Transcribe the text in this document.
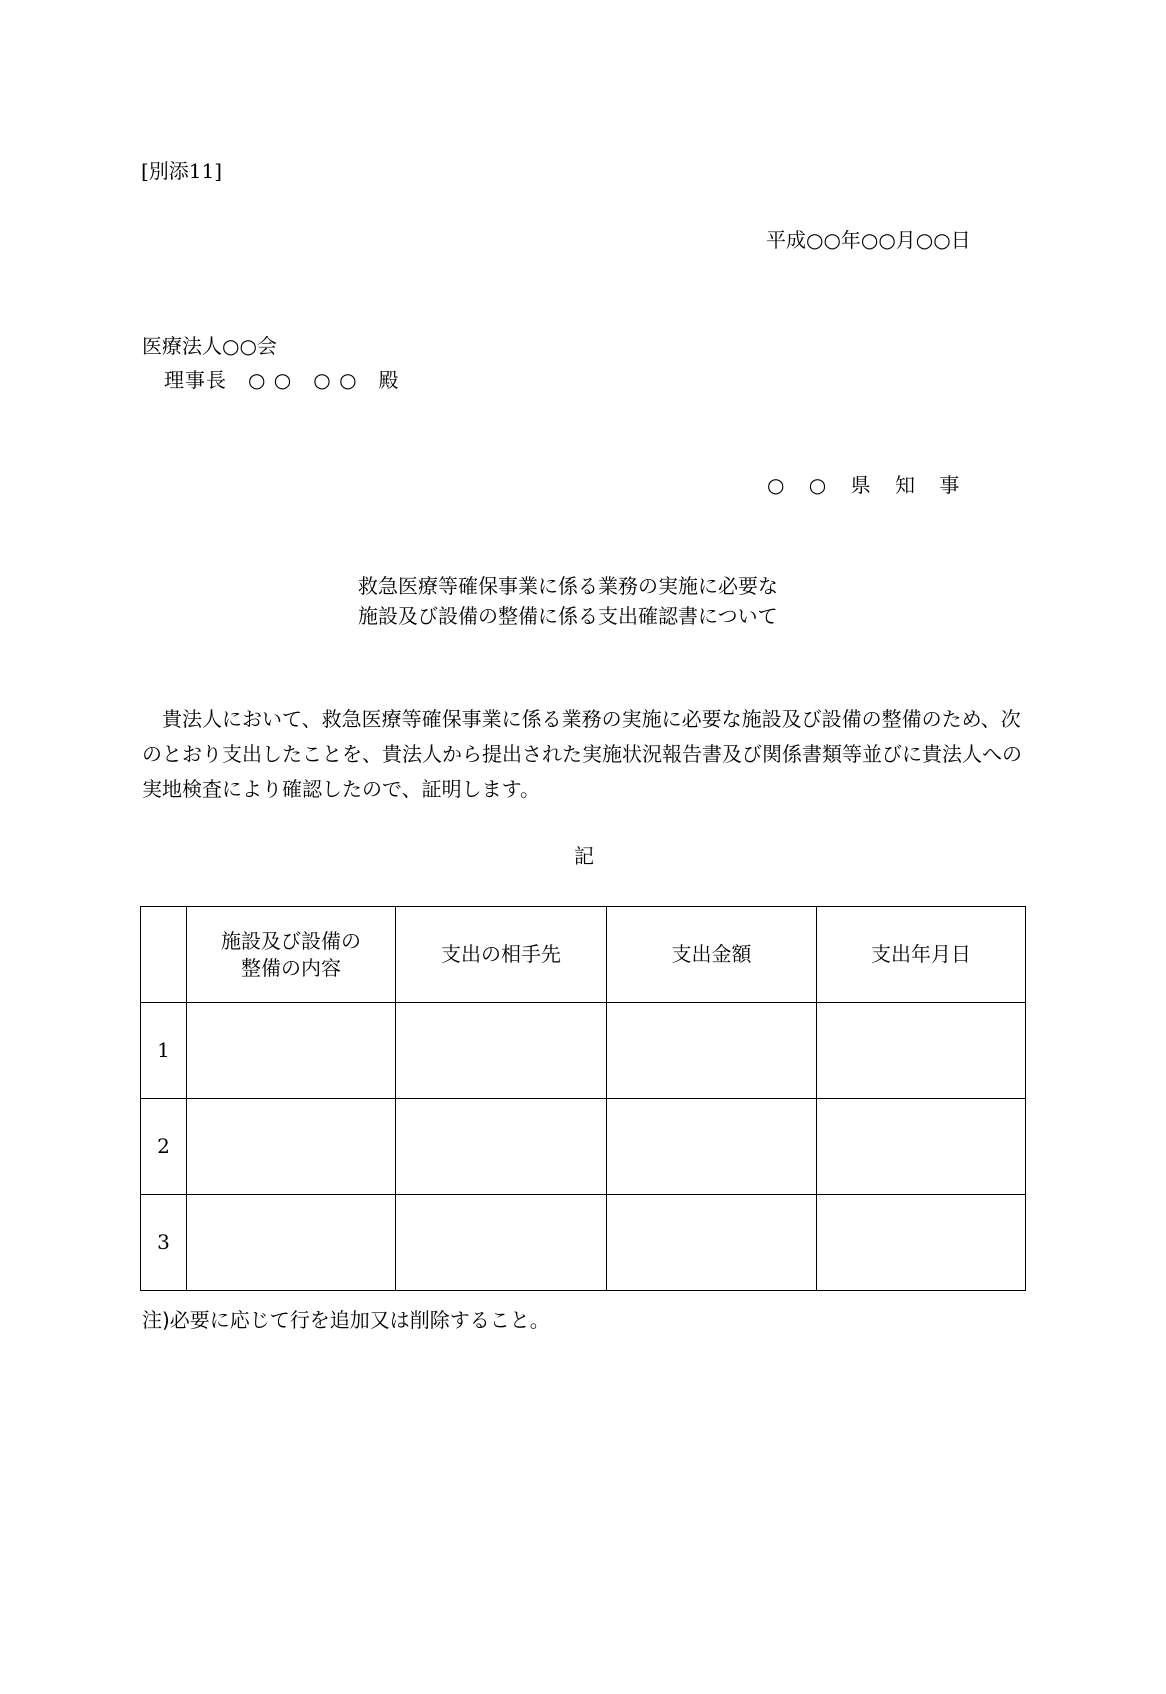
[別添11]
平成○○年○○月○○日
医療法人○○会
理事長　○ ○　○ ○　殿
○ ○ 県 知 事
救急医療等確保事業に係る業務の実施に必要な
施設及び設備の整備に係る支出確認書について
　貴法人において、救急医療等確保事業に係る業務の実施に必要な施設及び設備の整備のため、次のとおり支出したことを、貴法人から提出された実施状況報告書及び関係書類等並びに貴法人への実地検査により確認したので、証明します。
記

	施設及び設備の
整備の内容	支出の相手先	支出金額	支出年月日
1				
2				
3				
注)必要に応じて行を追加又は削除すること。
